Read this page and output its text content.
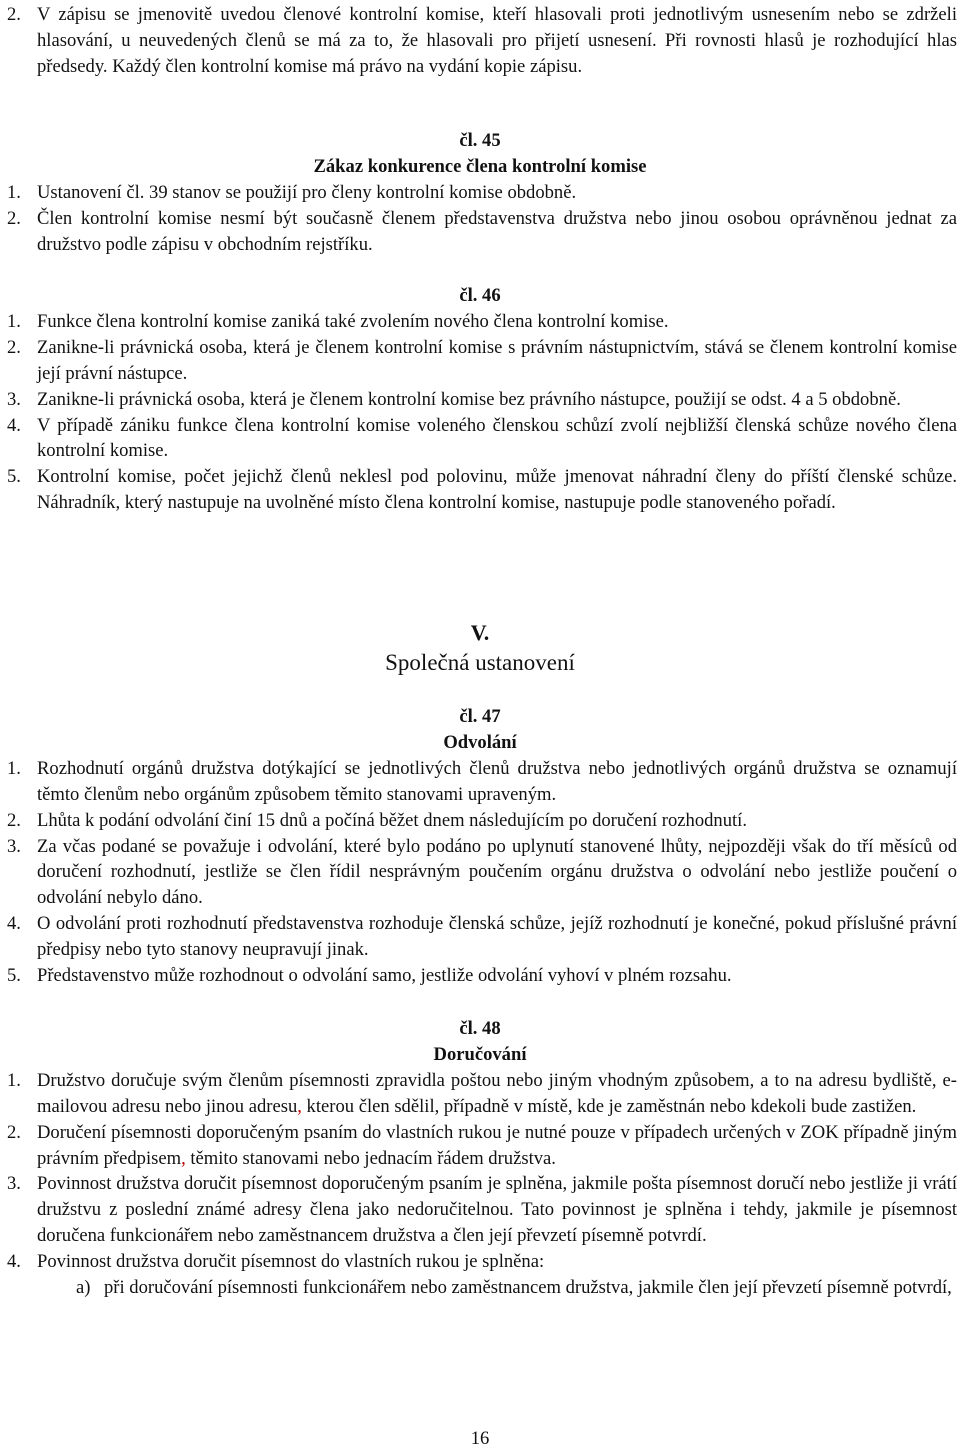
2. V zápisu se jmenovitě uvedou členové kontrolní komise, kteří hlasovali proti jednotlivým usnesením nebo se zdrželi hlasování, u neuvedených členů se má za to, že hlasovali pro přijetí usnesení. Při rovnosti hlasů je rozhodující hlas předsedy. Každý člen kontrolní komise má právo na vydání kopie zápisu.
čl. 45
Zákaz konkurence člena kontrolní komise
1. Ustanovení čl. 39 stanov se použijí pro členy kontrolní komise obdobně.
2. Člen kontrolní komise nesmí být současně členem představenstva družstva nebo jinou osobou oprávněnou jednat za družstvo podle zápisu v obchodním rejstříku.
čl. 46
1. Funkce člena kontrolní komise zaniká také zvolením nového člena kontrolní komise.
2. Zanikne-li právnická osoba, která je členem kontrolní komise s právním nástupnictvím, stává se členem kontrolní komise její právní nástupce.
3. Zanikne-li právnická osoba, která je členem kontrolní komise bez právního nástupce, použijí se odst. 4 a 5 obdobně.
4. V případě zániku funkce člena kontrolní komise voleného členskou schůzí zvolí nejbližší členská schůze nového člena kontrolní komise.
5. Kontrolní komise, počet jejichž členů neklesl pod polovinu, může jmenovat náhradní členy do příští členské schůze. Náhradník, který nastupuje na uvolněné místo člena kontrolní komise, nastupuje podle stanoveného pořadí.
V.
Společná ustanovení
čl. 47
Odvolání
1. Rozhodnutí orgánů družstva dotýkající se jednotlivých členů družstva nebo jednotlivých orgánů družstva se oznamují těmto členům nebo orgánům způsobem těmito stanovami upraveným.
2. Lhůta k podání odvolání činí 15 dnů a počíná běžet dnem následujícím po doručení rozhodnutí.
3. Za včas podané se považuje i odvolání, které bylo podáno po uplynutí stanovené lhůty, nejpozději však do tří měsíců od doručení rozhodnutí, jestliže se člen řídil nesprávným poučením orgánu družstva o odvolání nebo jestliže poučení o odvolání nebylo dáno.
4. O odvolání proti rozhodnutí představenstva rozhoduje členská schůze, jejíž rozhodnutí je konečné, pokud příslušné právní předpisy nebo tyto stanovy neupravují jinak.
5. Představenstvo může rozhodnout o odvolání samo, jestliže odvolání vyhoví v plném rozsahu.
čl. 48
Doručování
1. Družstvo doručuje svým členům písemnosti zpravidla poštou nebo jiným vhodným způsobem, a to na adresu bydliště, e-mailovou adresu nebo jinou adresu, kterou člen sdělil, případně v místě, kde je zaměstnán nebo kdekoli bude zastižen.
2. Doručení písemnosti doporučeným psaním do vlastních rukou je nutné pouze v případech určených v ZOK případně jiným právním předpisem, těmito stanovami nebo jednacím řádem družstva.
3. Povinnost družstva doručit písemnost doporučeným psaním je splněna, jakmile pošta písemnost doručí nebo jestliže ji vrátí družstvu z poslední známé adresy člena jako nedoručitelnou. Tato povinnost je splněna i tehdy, jakmile je písemnost doručena funkcionářem nebo zaměstnancem družstva a člen její převzetí písemně potvrdí.
4. Povinnost družstva doručit písemnost do vlastních rukou je splněna:
a) při doručování písemnosti funkcionářem nebo zaměstnancem družstva, jakmile člen její převzetí písemně potvrdí,
16
